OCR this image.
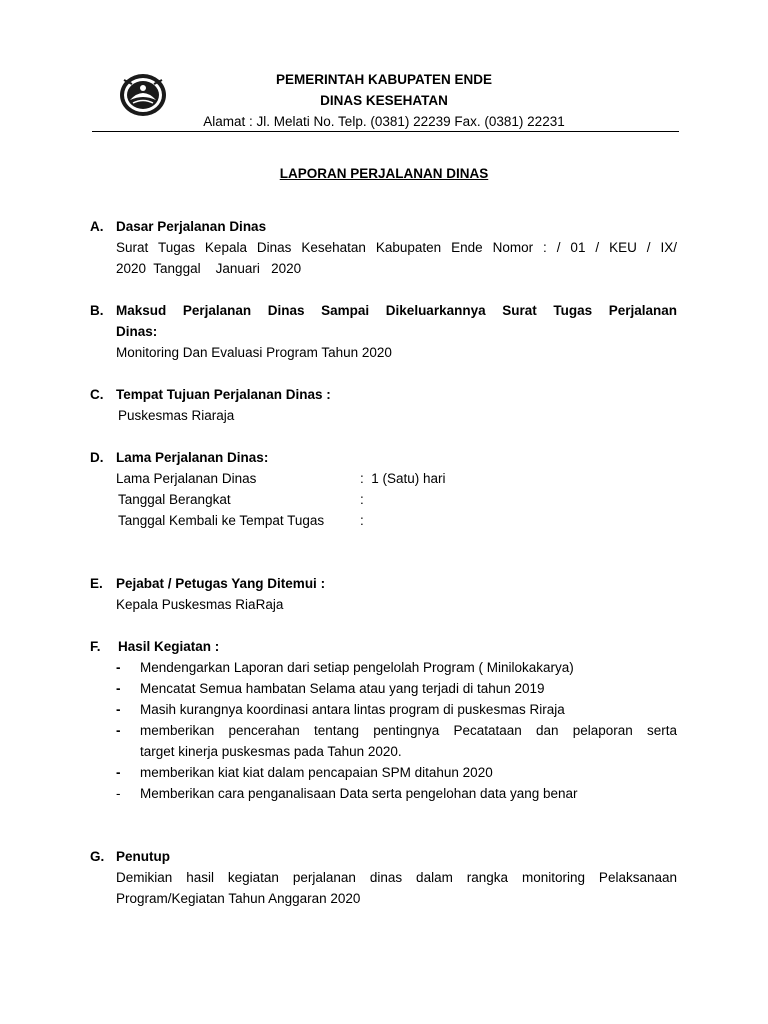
PEMERINTAH KABUPATEN ENDE
DINAS KESEHATAN
Alamat : Jl. Melati No. Telp. (0381) 22239 Fax. (0381) 22231
LAPORAN PERJALANAN DINAS
A. Dasar Perjalanan Dinas
Surat Tugas Kepala Dinas Kesehatan Kabupaten Ende Nomor : / 01 / KEU / IX/
2020  Tanggal    Januari   2020
B. Maksud Perjalanan Dinas Sampai Dikeluarkannya Surat Tugas Perjalanan
Dinas:
Monitoring Dan Evaluasi Program Tahun 2020
C. Tempat Tujuan Perjalanan Dinas :
Puskesmas Riaraja
D. Lama Perjalanan Dinas:
Lama Perjalanan Dinas	:  1 (Satu) hari
Tanggal Berangkat	:
Tanggal Kembali ke Tempat Tugas	:
E. Pejabat / Petugas Yang Ditemui :
Kepala Puskesmas RiaRaja
F. Hasil Kegiatan :
- Mendengarkan Laporan dari setiap pengelolah Program ( Minilokakarya)
- Mencatat Semua hambatan Selama atau yang terjadi di tahun 2019
- Masih kurangnya koordinasi antara lintas program di puskesmas Riraja
- memberikan pencerahan tentang pentingnya Pecatataan dan pelaporan serta
target kinerja puskesmas pada Tahun 2020.
- memberikan kiat kiat dalam pencapaian SPM ditahun 2020
- Memberikan cara penganalisaan Data serta pengelohan data yang benar
G. Penutup
Demikian hasil kegiatan perjalanan dinas dalam rangka monitoring Pelaksanaan
Program/Kegiatan Tahun Anggaran 2020
